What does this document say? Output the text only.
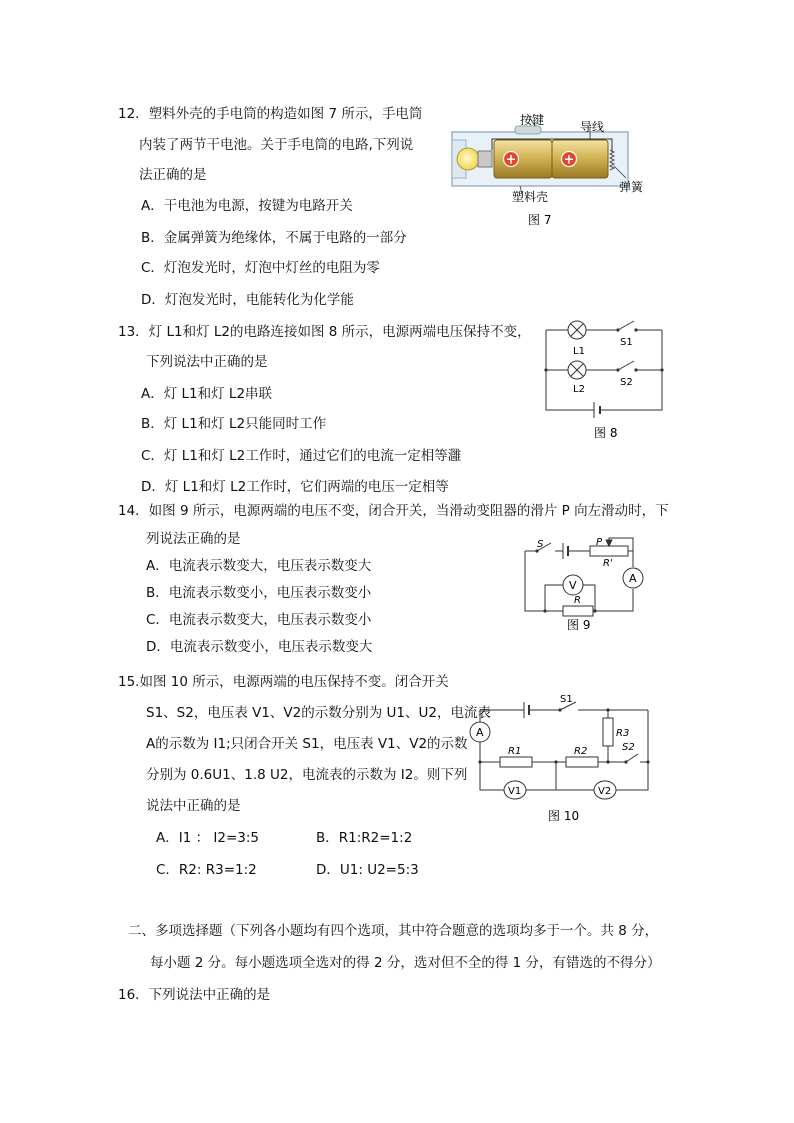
12．塑料外壳的手电筒的构造如图 7 所示，手电筒
内装了两节干电池。关于手电筒的电路,下列说
法正确的是
A．干电池为电源，按键为电路开关
B．金属弹簧为绝缘体，不属于电路的一部分
C．灯泡发光时，灯泡中灯丝的电阻为零
D．灯泡发光时，电能转化为化学能
+	+
按键	导线
弹簧
塑料壳
图 7
13．灯 L1和灯 L2的电路连接如图 8 所示，电源两端电压保持不变，
下列说法中正确的是
A．灯 L1和灯 L2串联
B．灯 L1和灯 L2只能同时工作
C．灯 L1和灯 L2工作时，通过它们的电流一定相等灉
D．灯 L1和灯 L2工作时，它们两端的电压一定相等
L1
L2
S1
S2
图 8
14．如图 9 所示，电源两端的电压不变，闭合开关，当滑动变阻器的滑片 P 向左滑动时，下
列说法正确的是
A．电流表示数变大，电压表示数变大
B．电流表示数变小，电压表示数变小
C．电流表示数变大，电压表示数变小
D．电流表示数变小，电压表示数变大
S	P
R'
V
A
R
图 9
15.如图 10 所示，电源两端的电压保持不变。闭合开关
S1、S2，电压表 V1、V2的示数分别为 U1、U2，电流表
A的示数为 I1;只闭合开关 S1，电压表 V1、V2的示数
分别为 0.6U1、1.8 U2，电流表的示数为 I2。则下列
说法中正确的是
A．I1 ： I2=3:5	B．R1:R2=1:2
C．R2: R3=1:2	D．U1: U2=5:3
A
S1
S2
R1	R2
R3
V1	V2
图 10
二、多项选择题（下列各小题均有四个选项，其中符合题意的选项均多于一个。共 8 分，
每小题 2 分。每小题选项全选对的得 2 分，选对但不全的得 1 分，有错选的不得分）
16．下列说法中正确的是
